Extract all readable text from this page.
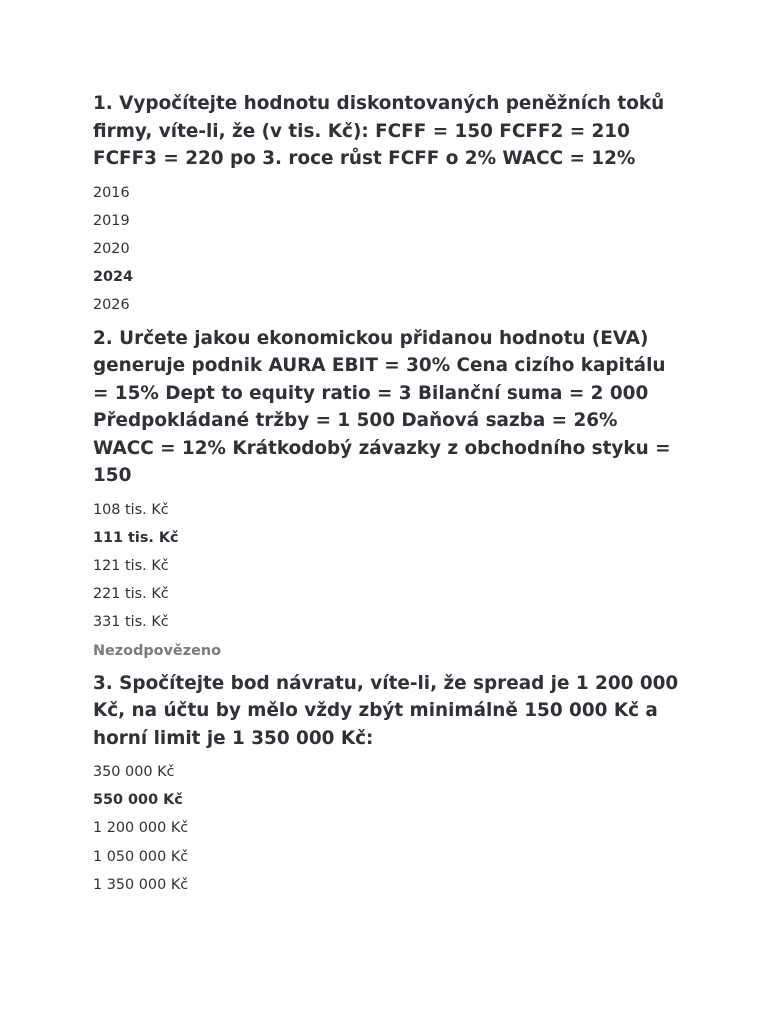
1. Vypočítejte hodnotu diskontovaných peněžních toků firmy, víte-li, že (v tis. Kč): FCFF = 150 FCFF2 = 210 FCFF3 = 220 po 3. roce růst FCFF o 2% WACC = 12%

2016
2019
2020
2024
2026

2. Určete jakou ekonomickou přidanou hodnotu (EVA) generuje podnik AURA EBIT = 30% Cena cizího kapitálu = 15% Dept to equity ratio = 3 Bilanční suma = 2 000 Předpokládané tržby = 1 500 Daňová sazba = 26% WACC = 12% Krátkodobý závazky z obchodního styku = 150

108 tis. Kč
111 tis. Kč
121 tis. Kč
221 tis. Kč
331 tis. Kč

Nezodpovězeno

3. Spočítejte bod návratu, víte-li, že spread je 1 200 000 Kč, na účtu by mělo vždy zbýt minimálně 150 000 Kč a horní limit je 1 350 000 Kč:

350 000 Kč
550 000 Kč
1 200 000 Kč
1 050 000 Kč
1 350 000 Kč
